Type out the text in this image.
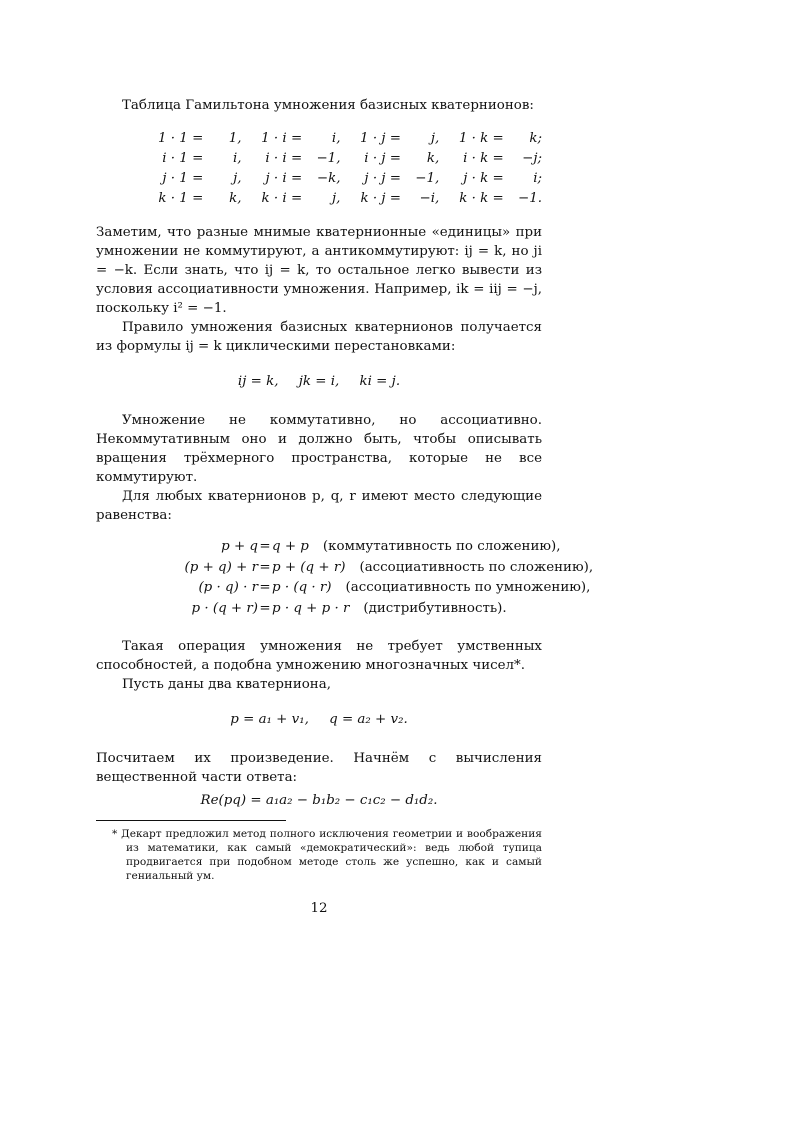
Таблица Гамильтона умножения базисных кватернионов:

1 · 1	=	1,		1 · i	=	i,		1 · j	=	j,		1 · k	=	k;
i · 1	=	i,		i · i	=	−1,		i · j	=	k,		i · k	=	−j;
j · 1	=	j,		j · i	=	−k,		j · j	=	−1,		j · k	=	i;
k · 1	=	k,		k · i	=	j,		k · j	=	−i,		k · k	=	−1.

Заметим, что разные мнимые кватернионные «единицы» при умножении не коммутируют, а антикоммутируют: ij = k, но ji = −k. Если знать, что ij = k, то остальное легко вывести из условия ассоциативности умножения. Например, ik = iij = −j, поскольку i² = −1.

Правило умножения базисных кватернионов получается из формулы ij = k циклическими перестановками:

ij = k, jk = i, ki = j.

Умножение не коммутативно, но ассоциативно. Некоммутативным оно и должно быть, чтобы описывать вращения трёхмерного пространства, которые не все коммутируют.

Для любых кватернионов p, q, r имеют место следующие равенства:

p + q=q + p (коммутативность по сложению),
(p + q) + r=p + (q + r) (ассоциативность по сложению),
(p · q) · r=p · (q · r) (ассоциативность по умножению),
p · (q + r)=p · q + p · r (дистрибутивность).

Такая операция умножения не требует умственных способностей, а подобна умножению многозначных чисел*.

Пусть даны два кватерниона,

p = a₁ + v₁, q = a₂ + v₂.

Посчитаем их произведение. Начнём с вычисления вещественной части ответа:

Re(pq) = a₁a₂ − b₁b₂ − c₁c₂ − d₁d₂.

* Декарт предложил метод полного исключения геометрии и воображения из математики, как самый «демократический»: ведь любой тупица продвигается при подобном методе столь же успешно, как и самый гениальный ум.

12
